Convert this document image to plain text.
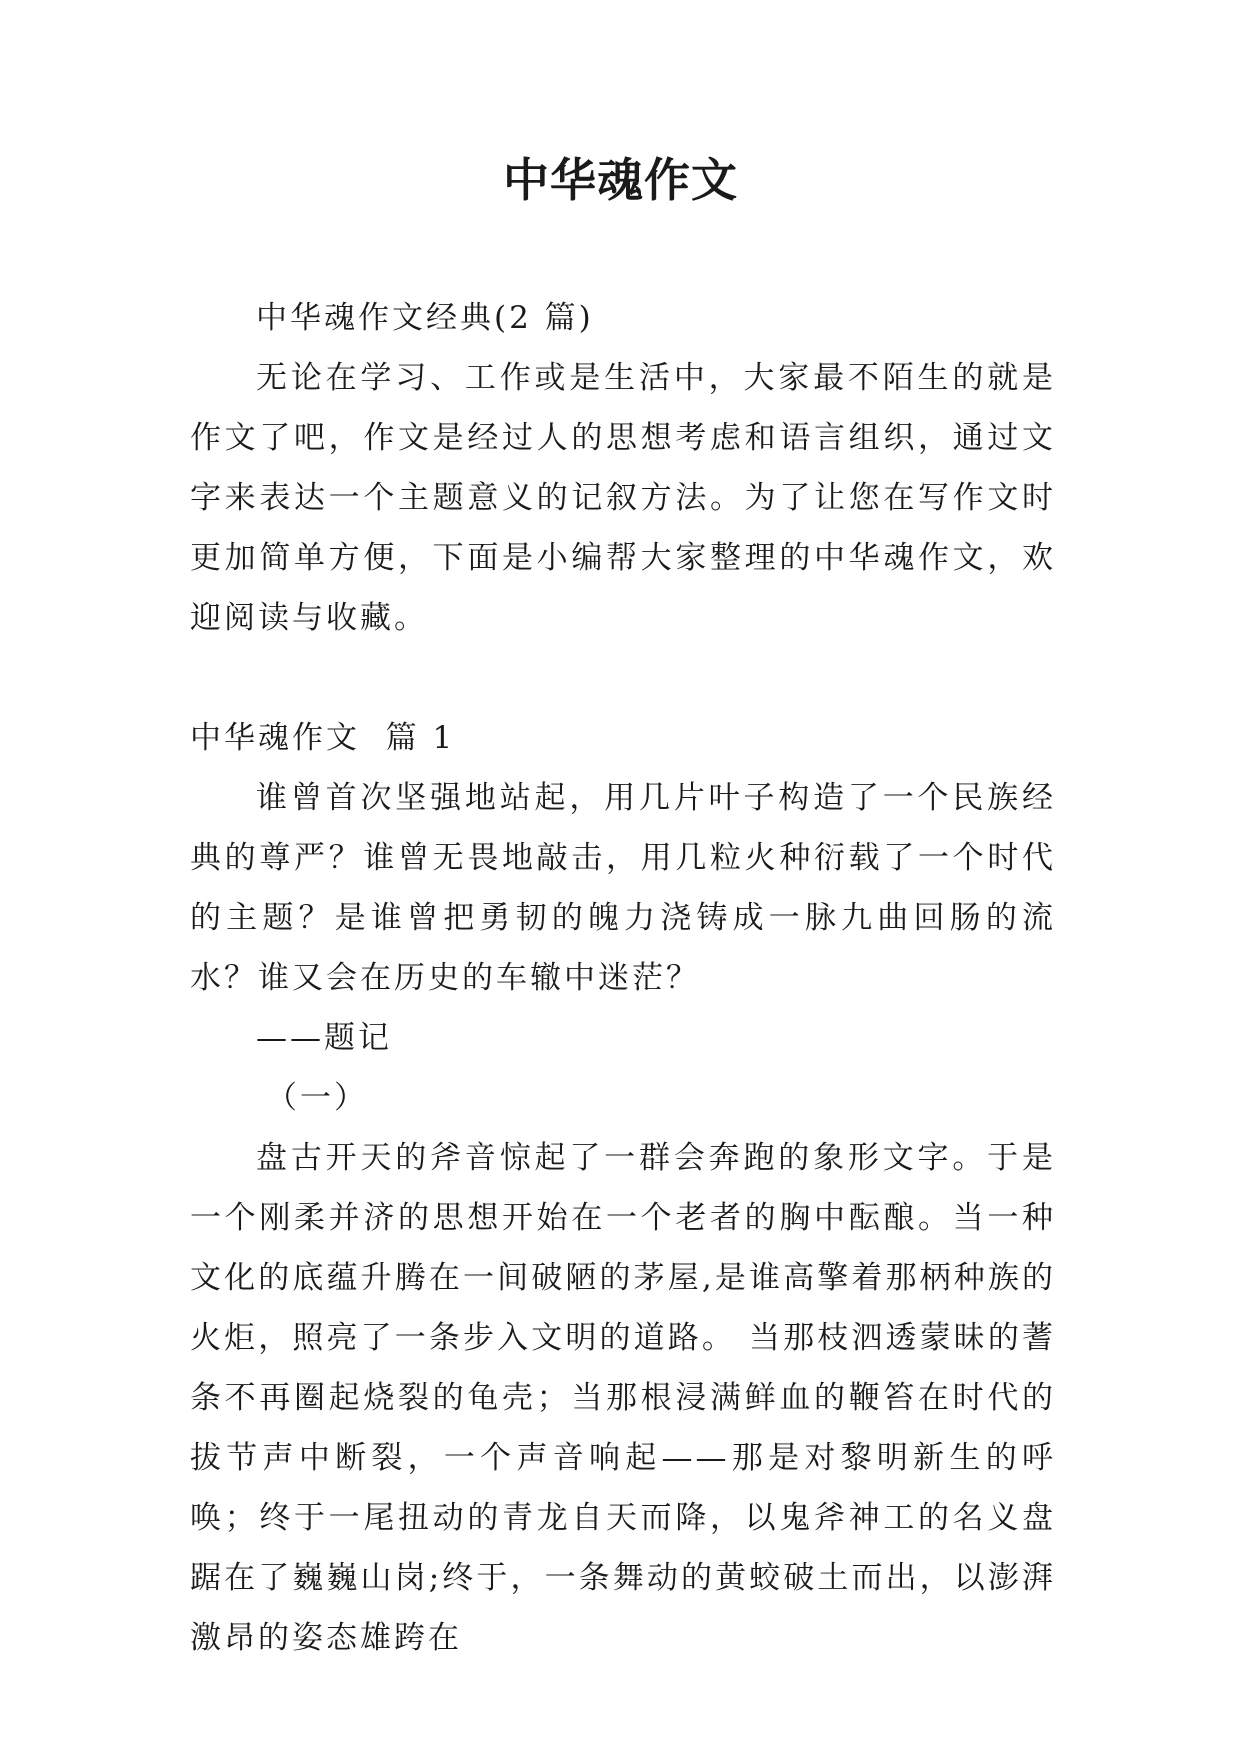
中华魂作文

中华魂作文经典(2 篇)

无论在学习、工作或是生活中，大家最不陌生的就是作文了吧，作文是经过人的思想考虑和语言组织，通过文字来表达一个主题意义的记叙方法。为了让您在写作文时更加简单方便，下面是小编帮大家整理的中华魂作文，欢迎阅读与收藏。

中华魂作文  篇 1

谁曾首次坚强地站起，用几片叶子构造了一个民族经典的尊严？谁曾无畏地敲击，用几粒火种衍载了一个时代的主题？是谁曾把勇韧的魄力浇铸成一脉九曲回肠的流水？谁又会在历史的车辙中迷茫？

——题记

（一）

盘古开天的斧音惊起了一群会奔跑的象形文字。于是一个刚柔并济的思想开始在一个老者的胸中酝酿。当一种文化的底蕴升腾在一间破陋的茅屋,是谁高擎着那柄种族的火炬，照亮了一条步入文明的道路。 当那枝泗透蒙昧的蓍条不再圈起烧裂的龟壳；当那根浸满鲜血的鞭笞在时代的拔节声中断裂，一个声音响起——那是对黎明新生的呼唤；终于一尾扭动的青龙自天而降，以鬼斧神工的名义盘踞在了巍巍山岗;终于，一条舞动的黄蛟破土而出，以澎湃激昂的姿态雄跨在
